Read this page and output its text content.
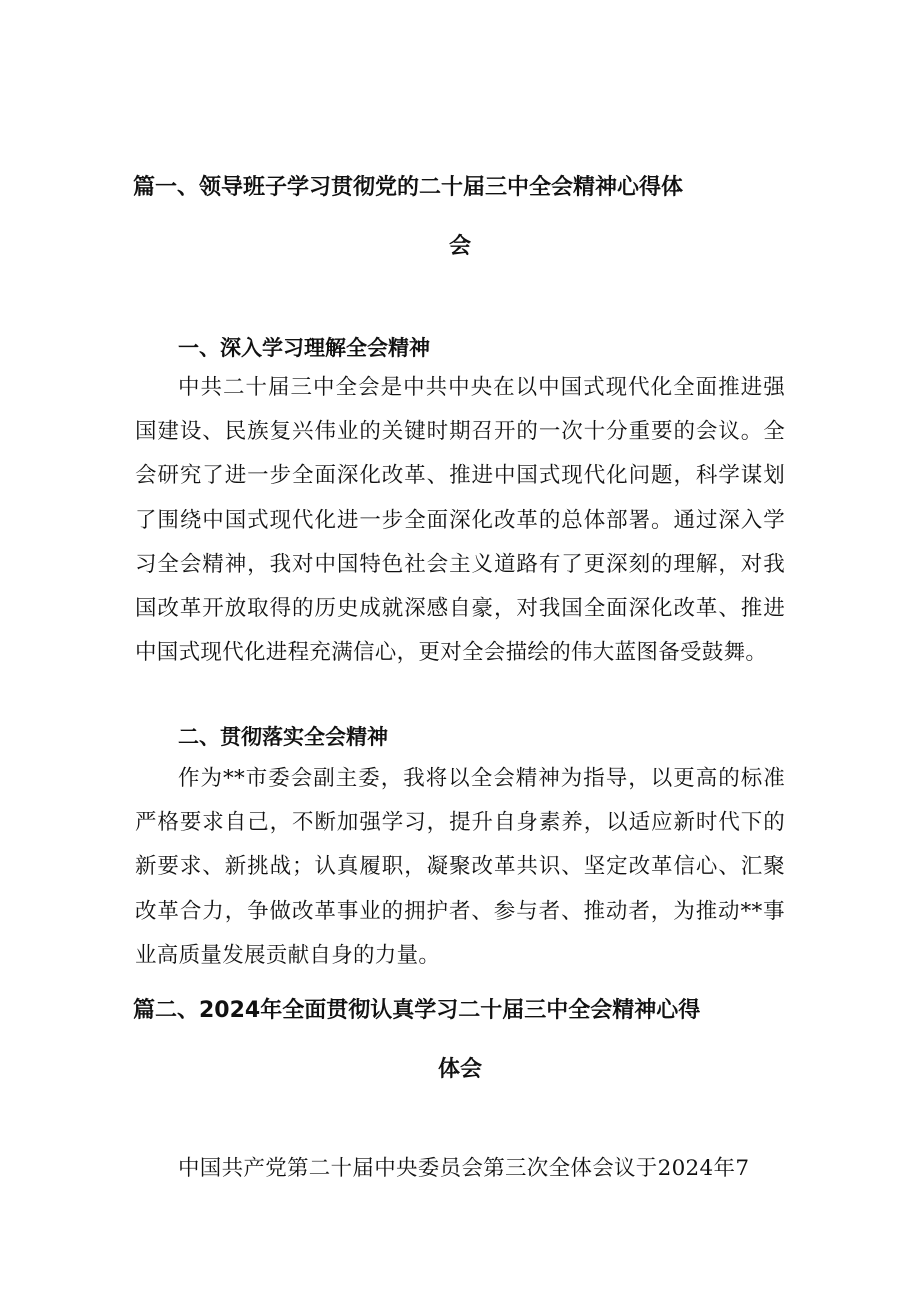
篇一、领导班子学习贯彻党的二十届三中全会精神心得体
会
一、深入学习理解全会精神
中共二十届三中全会是中共中央在以中国式现代化全面推进强国建设、民族复兴伟业的关键时期召开的一次十分重要的会议。全会研究了进一步全面深化改革、推进中国式现代化问题，科学谋划了围绕中国式现代化进一步全面深化改革的总体部署。通过深入学习全会精神，我对中国特色社会主义道路有了更深刻的理解，对我国改革开放取得的历史成就深感自豪，对我国全面深化改革、推进中国式现代化进程充满信心，更对全会描绘的伟大蓝图备受鼓舞。
二、贯彻落实全会精神
作为**市委会副主委，我将以全会精神为指导，以更高的标准严格要求自己，不断加强学习，提升自身素养，以适应新时代下的新要求、新挑战；认真履职，凝聚改革共识、坚定改革信心、汇聚改革合力，争做改革事业的拥护者、参与者、推动者，为推动**事业高质量发展贡献自身的力量。
篇二、2024年全面贯彻认真学习二十届三中全会精神心得
体会
中国共产党第二十届中央委员会第三次全体会议于2024年7
